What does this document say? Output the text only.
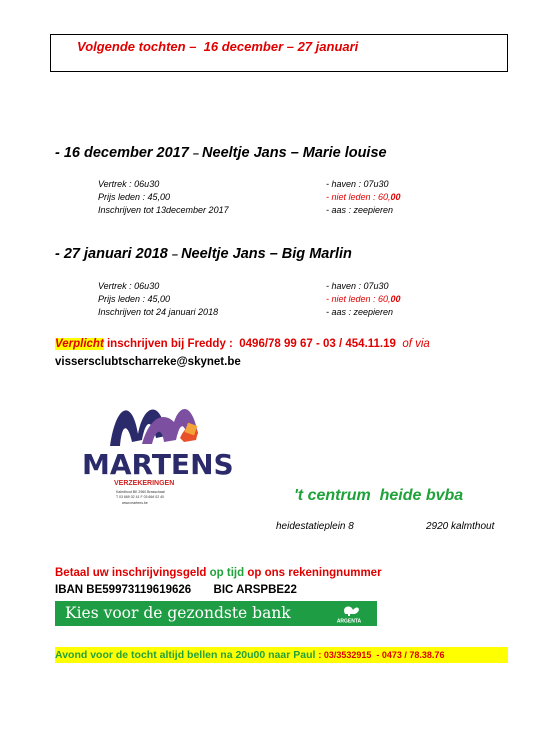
Volgende tochten –  16 december – 27 januari
- 16 december 2017 – Neeltje Jans – Marie louise
Vertrek : 06u30	- haven : 07u30
Prijs leden : 45,00	- niet leden : 60,00
Inschrijven tot 13december 2017	- aas : zeepieren
- 27 januari 2018 – Neeltje Jans – Big Marlin
Vertrek : 06u30	- haven : 07u30
Prijs leden : 45,00	- niet leden : 60,00
Inschrijven tot 24 januari 2018	- aas : zeepieren
Verplicht inschrijven bij Freddy :  0496/78 99 67 - 03 / 454.11.19  of via
vissersclubtscharreke@skynet.be
MARTENS
VERZEKERINGEN
Kalmthout BK 2960 Brasschaat
T 03 669 02 41 F 03 666 02 40
www.martens.be	't centrum  heide bvba
heidestatieplein 8	2920 kalmthout
Betaal uw inschrijvingsgeld op tijd op ons rekeningnummer
IBAN BE59973119619626       BIC ARSPBE22
Kies voor de gezondste bank	ARGENTA
Avond voor de tocht altijd bellen na 20u00 naar Paul : 03/3532915  - 0473 / 78.38.76
